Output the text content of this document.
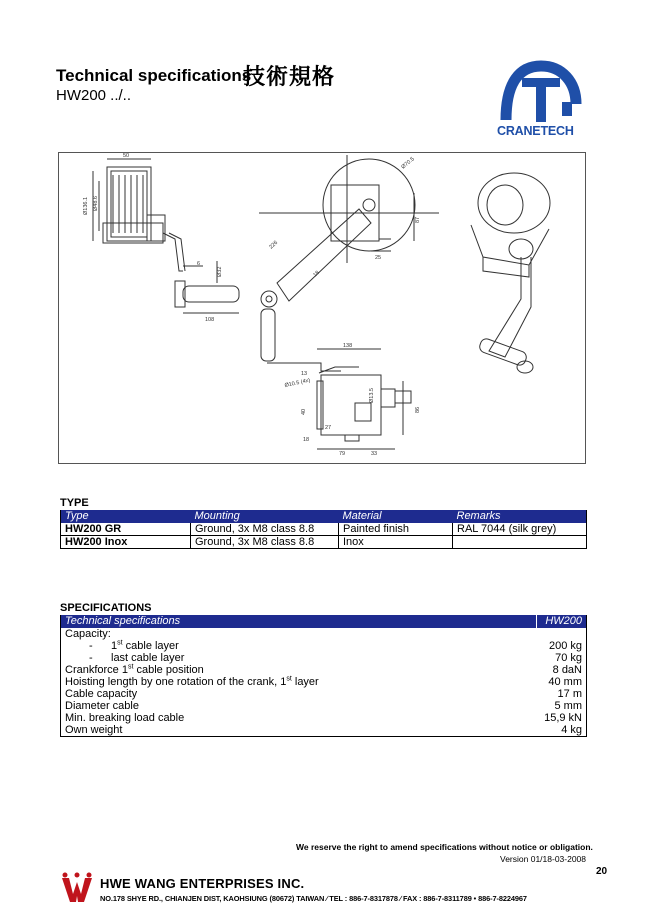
Technical specifications
技術規格
HW200 ../..
CRANETECH
50
Ø136.1 Ø48.6
6
Ø32
108
Ø70.5
87
25
226
18
138
13
Ø10.5 (4x)
Ø13.5
40	86
27
79	33
18
TYPE
Type	Mounting	Material	Remarks
HW200 GR	Ground, 3x M8 class 8.8	Painted finish	RAL 7044 (silk grey)
HW200 Inox	Ground, 3x M8 class 8.8	Inox	
SPECIFICATIONS
Technical specifications	HW200
Capacity:	
-      1st cable layer	200 kg
-      last cable layer	70 kg
Crankforce 1st cable position	8 daN
Hoisting length by one rotation of the crank, 1st layer	40 mm
Cable capacity	17 m
Diameter cable	5 mm
Min. breaking load cable	15,9 kN
Own weight	4 kg
We reserve the right to amend specifications without notice or obligation.
Version 01/18-03-2008
20
HWE WANG ENTERPRISES INC.
NO.178 SHYE RD., CHIANJEN DIST, KAOHSIUNG (80672) TAIWAN ∕ TEL : 886-7-8317878 ∕ FAX : 886-7-8311789 • 886-7-8224967
